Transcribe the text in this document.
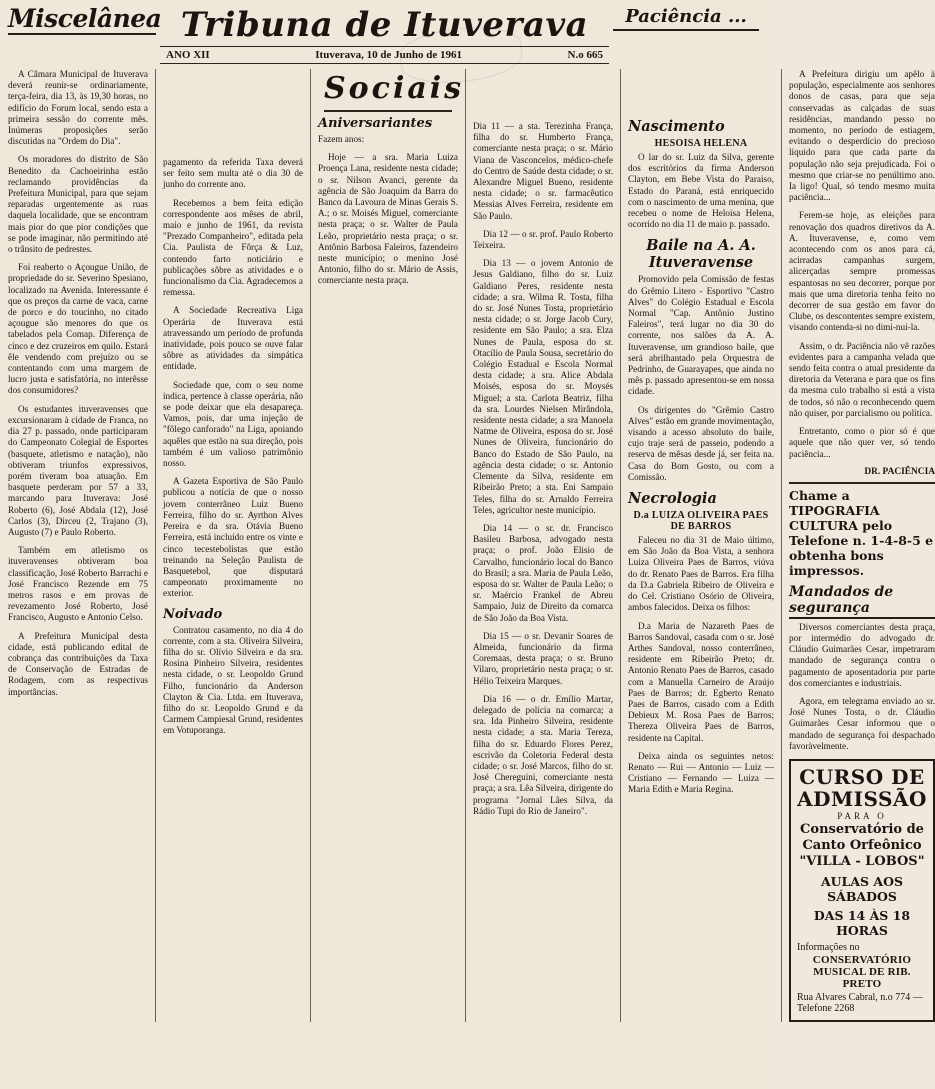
Miscelânea Tribuna de Ituverava
ANO XII	Ituverava, 10 de Junho de 1961	N.o 665
Paciência ...

A Câmara Municipal de Ituverava deverá reunir-se ordinariamente, terça-feira, dia 13, às 19,30 horas, no edifício do Forum local, sendo esta a primeira sessão do corrente mês. Inúmeras proposições serão discutidas na "Ordem do Dia".

Os moradores do distrito de São Benedito da Cachoeirinha estão reclamando providências da Prefeitura Municipal, para que sejam reparadas urgentemente as ruas daquela localidade, que se encontram mais pior do que pior condições que se pode imaginar, não permitindo até o trânsito de pedrestes.

Foi reaberto o Açougue União, de propriedade do sr. Severino Spesiano, localizado na Avenida. Interessante é que os preços da carne de vaca, carne de porco e do toucinho, no citado açougue são menores do que os tabelados pela Comap. Diferença de cinco e dez cruzeiros em quilo. Estará êle vendendo com prejuízo ou se contentando com uma margem de lucro justa e satisfatória, no interêsse dos consumidores?

Os estudantes ituveravenses que excursionaram à cidade de Franca, no dia 27 p. passado, onde participaram do Campeonato Colegial de Esportes (basquete, atletismo e natação), não obtiveram triunfos expressivos, porém tiveram boa atuação. Em basquete perderam por 57 a 33, marcando para Ituverava: José Roberto (6), José Abdala (12), José Carlos (3), Dirceu (2, Trajano (3), Augusto (7) e Paulo Roberto.

Também em atletismo os ituveravenses obtiveram boa classificação, José Roberto Barrachi e José Francisco Rezende em 75 metros rasos e em provas de revezamento José Roberto, José Francisco, Augusto e Antonio Celso.

A Prefeitura Municipal desta cidade, está publicando edital de cobrança das contribuições da Taxa de Conservação de Estradas de Rodagem, com as respectivas importâncias.

pagamento da referida Taxa deverá ser feito sem multa até o dia 30 de junho do corrente ano.

Recebemos a bem feita edição correspondente aos mêses de abril, maio e junho de 1961, da revista "Prezado Companheiro", editada pela Cia. Paulista de Fôrça & Luz, contendo farto noticiário e publicações sôbre as atividades e o funcionalismo da Cia. Agradecemos a remessa.

A Sociedade Recreativa Liga Operária de Ituverava está atravessando um período de profunda inatividade, pois pouco se ouve falar sôbre as atividades da simpática entidade.

Sociedade que, com o seu nome indica, pertence à classe operária, não se pode deixar que ela desapareça. Vamos, pois, dar uma injeção de "fôlego canforado" na Liga, apoiando aquêles que estão na sua direção, pois também é um valioso patrimônio nosso.

A Gazeta Esportiva de São Paulo publicou a notícia de que o nosso jovem conterrâneo Luiz Bueno Ferreira, filho do sr. Ayrthon Alves Pereira e da sra. Otávia Bueno Ferreira, está incluído entre os vinte e cinco tecestebolistas que estão treinando na Seleção Paulista de Basquetebol, que disputará campeonato proximamente no exterior.

Noivado

Contratou casamento, no dia 4 do corrente, com a sta. Oliveira Silveira, filha do sr. Olívio Silveira e da sra. Rosina Pinheiro Silveira, residentes nesta cidade, o sr. Leopoldo Grund Filho, funcionário da Anderson Clayton & Cia. Ltda. em Ituverava, filho do sr. Leopoldo Grund e da Carmem Campiesal Grund, residentes em Votuporanga.

Sociais
Aniversariantes

Fazem anos:

Hoje — a sra. Maria Luiza Proença Lana, residente nesta cidade; o sr. Nilson Avanci, gerente da agência de São Joaquim da Barra do Banco da Lavoura de Minas Gerais S. A.; o sr. Moisés Miguel, comerciante nesta praça; o sr. Walter de Paula Leão, proprietário nesta praça; o sr. Antônio Barbosa Faleiros, fazendeiro neste município; o menino José Antonio, filho do sr. Mário de Assis, comerciante nesta praça.

Dia 11 — a sta. Terezinha França, filha do sr. Humberto França, comerciante nesta praça; o sr. Mário Viana de Vasconcelos, médico-chefe do Centro de Saúde desta cidade; o sr. Alexandre Miguel Bueno, residente nesta cidade; o sr. farmacêutico Messias Alves Ferreira, residente em São Paulo.

Dia 12 — o sr. prof. Paulo Roberto Teixeira.

Dia 13 — o jovem Antonio de Jesus Galdiano, filho do sr. Luiz Galdiano Peres, residente nesta cidade; a sra. Wilma R. Tosta, filha do sr. José Nunes Tosta, proprietário nesta cidade; o sr. Jorge Jacob Cury, residente em São Paulo; a sra. Elza Nunes de Paula, esposa do sr. Otacílio de Paula Sousa, secretário do Colégio Estadual e Escola Normal desta cidade; a sra. Alice Abdala Moisés, esposa do sr. Moysés Miguel; a sta. Carlota Beatriz, filha da sra. Lourdes Nielsen Mirândola, residente nesta cidade; a sra Manoela Natme de Oliveira, esposa do sr. José Nunes de Oliveira, funcionário do Banco do Estado de São Paulo, na agência desta cidade; o sr. Antonio Clemente da Silva, residente em Ribeirão Preto; a sta. Eni Sampaio Teles, filha do sr. Arnaldo Ferreira Teles, agricultor neste município.

Dia 14 — o sr. dr. Francisco Basileu Barbosa, advogado nesta praça; o prof. João Elisio de Carvalho, funcionário local do Banco do Brasil; a sra. Maria de Paula Leão, esposa do sr. Walter de Paula Leão; o sr. Maércio Frankel de Abreu Sampaio, Juiz de Direito da comarca de São João da Boa Vista.

Dia 15 — o sr. Devanir Soares de Almeida, funcionário da firma Coremaas, desta praça; o sr. Bruno Vilaro, proprietário nesta praça; o sr. Hélio Teixeira Marques.

Dia 16 — o dr. Emílio Martar, delegado de polícia na comarca; a sra. Ida Pinheiro Silveira, residente nesta cidade; a sta. Maria Tereza, filha do sr. Eduardo Flores Perez, escrivão da Coletoria Federal desta cidade; o sr. José Marcos, filho do sr. José Chereguini, comerciante nesta praça; a sra. Lêa Silveira, dirigente do programa "Jornal Lães Silva, da Rádio Tupi do Rio de Janeiro".

Nascimento
HESOISA HELENA

O lar do sr. Luiz da Silva, gerente dos escritórios da firma Anderson Clayton, em Bebe Vista do Paraiso, Estado do Paraná, está enriquecido com o nascimento de uma menina, que recebeu o nome de Heloisa Helena, ocorrido no dia 11 de maio p. passado.

Baile na A. A. Ituveravense

Promovido pela Comissão de festas do Grêmio Litero - Esportivo "Castro Alves" do Colégio Estadual e Escola Normal "Cap. Antônio Justino Faleiros", terá lugar no dia 30 do corrente, nos salões da A. A. Ituveravense, um grandioso baile, que será abrilhantado pela Orquestra de Pedrinho, de Guarayapes, que ainda no mês p. passado apresentou-se em nossa cidade.

Os dirigentes do "Grêmio Castro Alves" estão em grande movimentação, visando a acesso absoluto do baile, cujo traje será de passeio, podendo a reserva de mêsas desde já, ser feita na. Casa do Bom Gosto, ou com a Comissão.

Necrologia
D.a LUIZA OLIVEIRA PAES DE BARROS

Faleceu no dia 31 de Maio último, em São João da Boa Vista, a senhora Luiza Oliveira Paes de Barros, viúva do dr. Renato Paes de Barros. Era filha da D.a Gabriela Ribeiro de Oliveira e do Cel. Cristiano Osório de Oliveira, ambos falecidos. Deixa os filhos:

D.a Maria de Nazareth Paes de Barros Sandoval, casada com o sr. José Arthes Sandoval, nosso conterrâneo, residente em Ribeirão Preto; dr. Antonio Renato Paes de Barros, casado com a Manuella Carneiro de Araújo Paes de Barros; dr. Egberto Renato Paes de Barros, casado com a Edith Debieux M. Rosa Paes de Barros; Thereza Oliveira Paes de Barros, residente na Capital.

Deixa ainda os seguintes netos: Renato — Rui — Antonio — Luiz — Cristiano — Fernando — Luiza — Maria Edith e Maria Regina.

A Prefeitura dirigiu um apêlo à população, especialmente aos senhores donos de casas, para que seja conservadas as calçadas de suas residências, mandando pesso no momento, no período de estiagem, evitando o desperdício do precioso líquido para que cada parte da população não seja prejudicada. Foi o mesmo que criar-se no penúltimo ano. Ia ligo! Qual, só tendo mesmo muita paciência...

Ferem-se hoje, as eleições para renovação dos quadros diretivos da A. A. Ituveravense, e, como vem acontecendo com os anos para cá, acirradas campanhas surgem, alicerçadas sempre promessas espantosas no seu decorrer, porque por mais que uma diretoria tenha feito no decorrer de sua gestão em favor do Clube, os descontentes sempre existem, visando contenda-si no dimi-nui-la.

Assim, o dr. Paciência não vê razões evidentes para a campanha velada que sendo feita contra o atual presidente da diretoria da Veterana e para que os fins da mesma culo trabalho si está a vista de todos, só não o reconhecendo quem não quiser, por parcialismo ou política.

Entretanto, como o pior só é que aquele que não quer ver, só tendo paciência...

DR. PACIÊNCIA
Chame a TIPOGRAFIA CULTURA pelo Telefone n. 1-4-8-5 e obtenha bons impressos.
Mandados de segurança

Diversos comerciantes desta praça, por intermédio do advogado dr. Cláudio Guimarães Cesar, impetraram mandado de segurança contra o pagamento de aposentadoria por parte dos comerciantes e industriais.

Agora, em telegrama enviado ao sr. José Nunes Tosta, o dr. Cláudio Guimarães Cesar informou que o mandado de segurança foi despachado favoràvelmente.

CURSO DE ADMISSÃO
PARA O
Conservatório de Canto Orfeônico "VILLA - LOBOS"
AULAS AOS SÁBADOS
DAS 14 ÀS 18 HORAS
Informações no
CONSERVATÓRIO MUSICAL DE RIB. PRETO
Rua Alvares Cabral, n.o 774 — Telefone 2268
